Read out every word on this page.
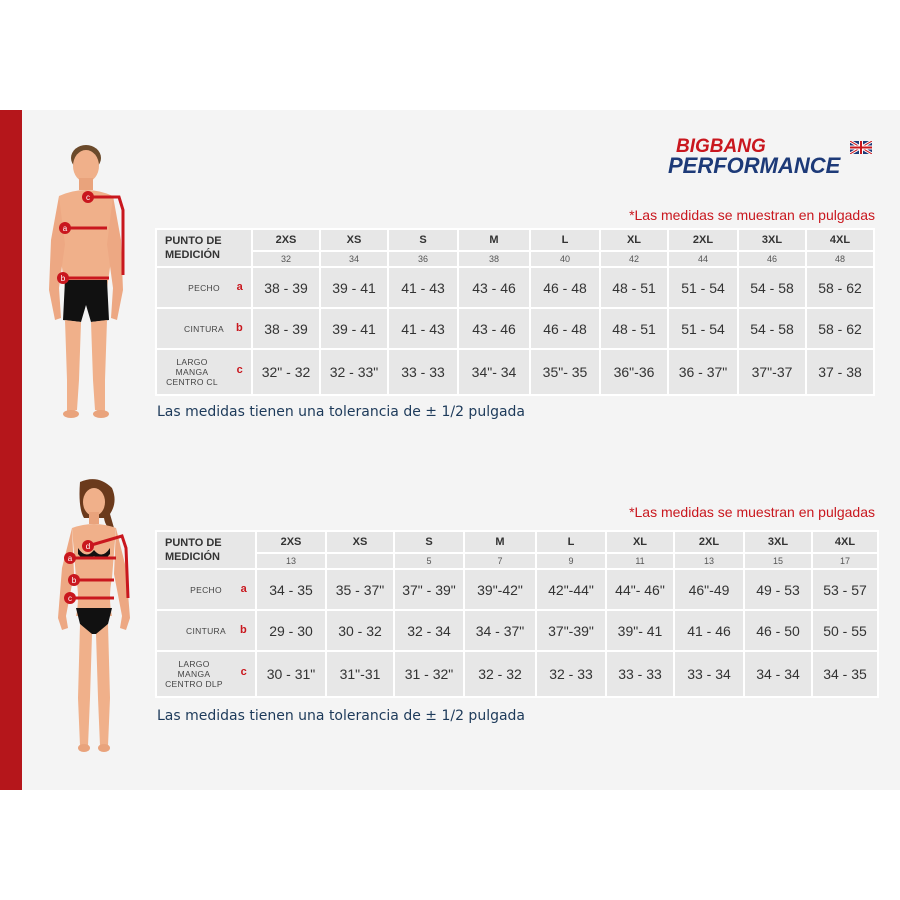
BIGBANG
PERFORMANCE
c
a
b
*Las medidas se muestran en pulgadas
PUNTO DE
MEDICIÓN	2XS	XS	S	M	L	XL	2XL	3XL	4XL
	32	34	36	38	40	42	44	46	48
PECHO a	38 - 39	39 - 41	41 - 43	43 - 46	46 - 48	48 - 51	51 - 54	54 - 58	58 - 62
CINTURA b	38 - 39	39 - 41	41 - 43	43 - 46	46 - 48	48 - 51	51 - 54	54 - 58	58 - 62
LARGO MANGA CENTRO CL
c	32" - 32	32 - 33"	33 - 33	34"- 34	35"- 35	36"-36	36 - 37"	37"-37	37 - 38
Las medidas tienen una tolerancia de ± 1/2 pulgada
d
a
b
c
*Las medidas se muestran en pulgadas
PUNTO DE
MEDICIÓN	2XS	XS	S	M	L	XL	2XL	3XL	4XL
	13		5	7	9	11	13	15	17
PECHO a	34 - 35	35 - 37"	37" - 39"	39"-42"	42"-44"	44"- 46"	46"-49	49 - 53	53 - 57
CINTURA b	29 - 30	30 - 32	32 - 34	34 - 37"	37"-39"	39"- 41	41 - 46	46 - 50	50 - 55
LARGO MANGA CENTRO DLP
c	30 - 31"	31"-31	31 - 32"	32 - 32	32 - 33	33 - 33	33 - 34	34 - 34	34 - 35
Las medidas tienen una tolerancia de ± 1/2 pulgada
